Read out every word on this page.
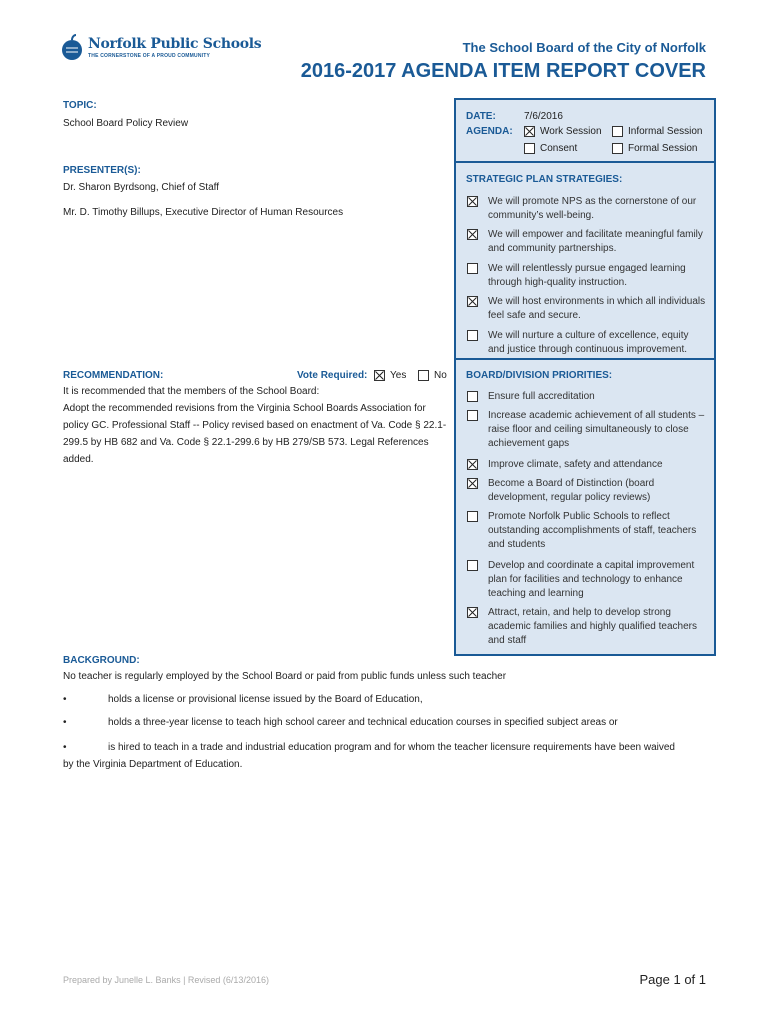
Norfolk Public Schools
THE CORNERSTONE OF A PROUD COMMUNITY
The School Board of the City of Norfolk
2016-2017 AGENDA ITEM REPORT COVER
TOPIC:
School Board Policy Review
PRESENTER(S):
Dr. Sharon Byrdsong, Chief of Staff
Mr. D. Timothy Billups, Executive Director of Human Resources
RECOMMENDATION:	Vote Required: Yes	No
It is recommended that the members of the School Board:
Adopt the recommended revisions from the Virginia School Boards Association for policy GC. Professional Staff -- Policy revised based on enactment of Va. Code § 22.1-299.5 by HB 682 and Va. Code § 22.1-299.6 by HB 279/SB 573. Legal References added.
DATE:	7/6/2016
AGENDA:	Work Session	Informal Session
Consent	Formal Session
STRATEGIC PLAN STRATEGIES:
We will promote NPS as the cornerstone of our community’s well-being.
We will empower and facilitate meaningful family and community partnerships.
We will relentlessly pursue engaged learning through high-quality instruction.
We will host environments in which all individuals feel safe and secure.
We will nurture a culture of excellence, equity and justice through continuous improvement.
BOARD/DIVISION PRIORITIES:
Ensure full accreditation
Increase academic achievement of all students – raise floor and ceiling simultaneously to close achievement gaps
Improve climate, safety and attendance
Become a Board of Distinction (board development, regular policy reviews)
Promote Norfolk Public Schools to reflect outstanding accomplishments of staff, teachers and students
Develop and coordinate a capital improvement plan for facilities and technology to enhance teaching and learning
Attract, retain, and help to develop strong academic families and highly qualified teachers and staff
BACKGROUND:
No teacher is regularly employed by the School Board or paid from public funds unless such teacher
•	holds a license or provisional license issued by the Board of Education,
•	holds a three-year license to teach high school career and technical education courses in specified subject areas or
•	is hired to teach in a trade and industrial education program and for whom the teacher licensure requirements have been waived
by the Virginia Department of Education.
Prepared by Junelle L. Banks | Revised (6/13/2016)	Page 1 of 1
